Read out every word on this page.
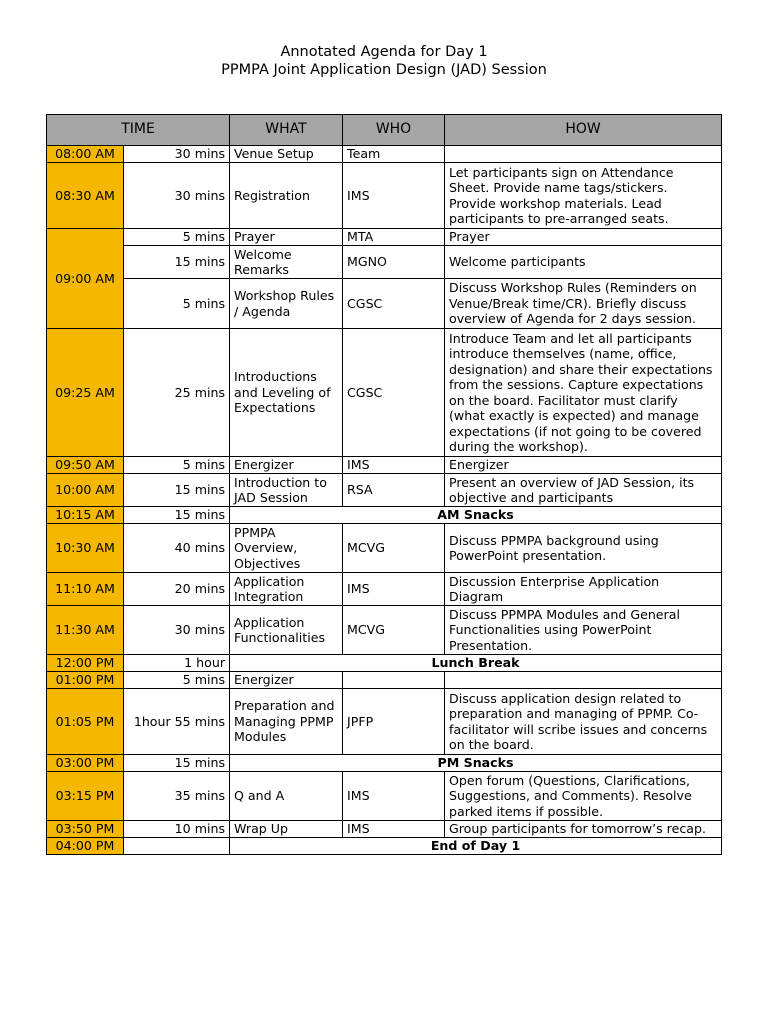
Annotated Agenda for Day 1
PPMPA Joint Application Design (JAD) Session
TIME		WHAT	WHO	HOW
08:00 AM	30 mins	Venue Setup	Team	
08:30 AM	30 mins	Registration	IMS	Let participants sign on Attendance Sheet. Provide name tags/stickers. Provide workshop materials. Lead participants to pre-arranged seats.
09:00 AM	5 mins	Prayer	MTA	Prayer
	15 mins	Welcome Remarks	MGNO	Welcome participants
	5 mins	Workshop Rules / Agenda	CGSC	Discuss Workshop Rules (Reminders on Venue/Break time/CR). Briefly discuss overview of Agenda for 2 days session.
09:25 AM	25 mins	Introductions and Leveling of Expectations	CGSC	Introduce Team and let all participants introduce themselves (name, office, designation) and share their expectations from the sessions. Capture expectations on the board. Facilitator must clarify (what exactly is expected) and manage expectations (if not going to be covered during the workshop).
09:50 AM	5 mins	Energizer	IMS	Energizer
10:00 AM	15 mins	Introduction to JAD Session	RSA	Present an overview of JAD Session, its objective and participants
10:15 AM	15 mins	AM Snacks		
10:30 AM	40 mins	PPMPA Overview, Objectives	MCVG	Discuss PPMPA background using PowerPoint presentation.
11:10 AM	20 mins	Application Integration	IMS	Discussion Enterprise Application Diagram
11:30 AM	30 mins	Application Functionalities	MCVG	Discuss PPMPA Modules and General Functionalities using PowerPoint Presentation.
12:00 PM	1 hour	Lunch Break		
01:00 PM	5 mins	Energizer		
01:05 PM	1hour 55 mins	Preparation and Managing PPMP Modules	JPFP	Discuss application design related to preparation and managing of PPMP. Co-facilitator will scribe issues and concerns on the board.
03:00 PM	15 mins	PM Snacks		
03:15 PM	35 mins	Q and A	IMS	Open forum (Questions, Clarifications, Suggestions, and Comments). Resolve parked items if possible.
03:50 PM	10 mins	Wrap Up	IMS	Group participants for tomorrow’s recap.
04:00 PM		End of Day 1		
